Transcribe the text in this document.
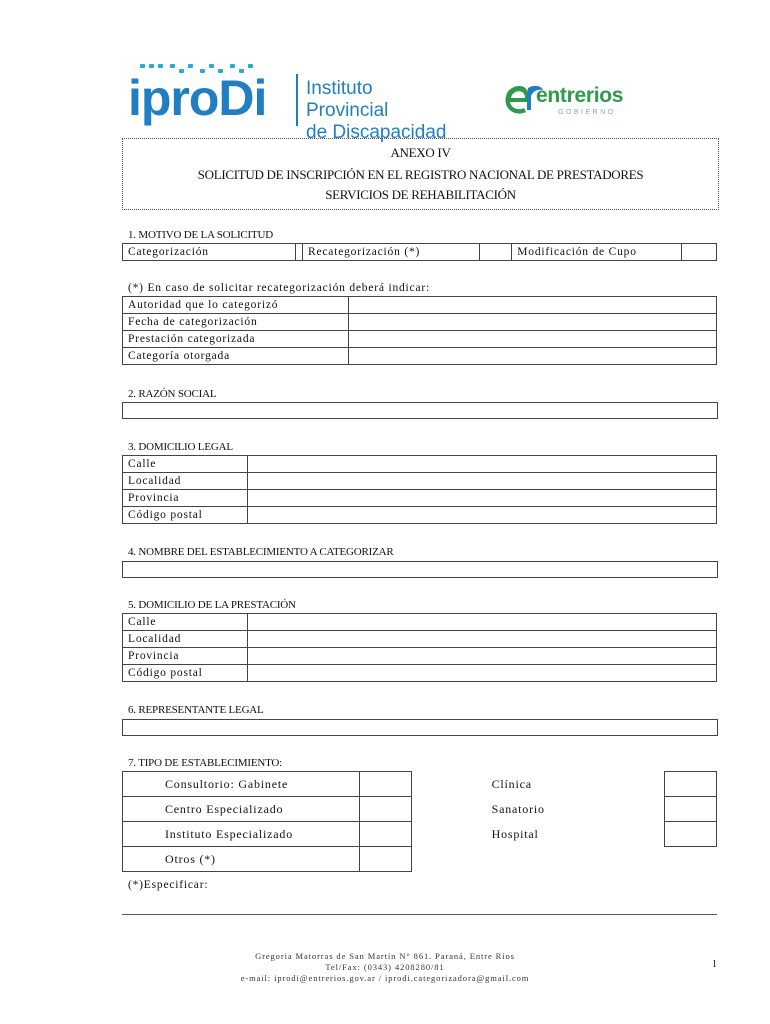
iproDi Instituto Provincial
de Discapacidad
entrerios
GOBIERNO
ANEXO IV
SOLICITUD DE INSCRIPCIÓN EN EL REGISTRO NACIONAL DE PRESTADORES
SERVICIOS DE REHABILITACIÓN
1. MOTIVO DE LA SOLICITUD
Categorización		Recategorización (*)		Modificación de Cupo	
(*) En caso de solicitar recategorización deberá indicar:
Autoridad que lo categorizó	
Fecha de categorización	
Prestación categorizada	
Categoría otorgada	
2. RAZÓN SOCIAL
3. DOMICILIO LEGAL
Calle	
Localidad	
Provincia	
Código postal	
4. NOMBRE DEL ESTABLECIMIENTO A CATEGORIZAR
5. DOMICILIO DE LA PRESTACIÓN
Calle	
Localidad	
Provincia	
Código postal	
6. REPRESENTANTE LEGAL
7. TIPO DE ESTABLECIMIENTO:
Consultorio: Gabinete		Clínica	
Centro Especializado		Sanatorio	
Instituto Especializado		Hospital	
Otros (*)			
(*)Especificar:
Gregoria Matorras de San Martín N° 861. Paraná, Entre Ríos
Tel/Fax: (0343) 4208280/81
e-mail: iprodi@entrerios.gov.ar / iprodi.categorizadora@gmail.com
1
